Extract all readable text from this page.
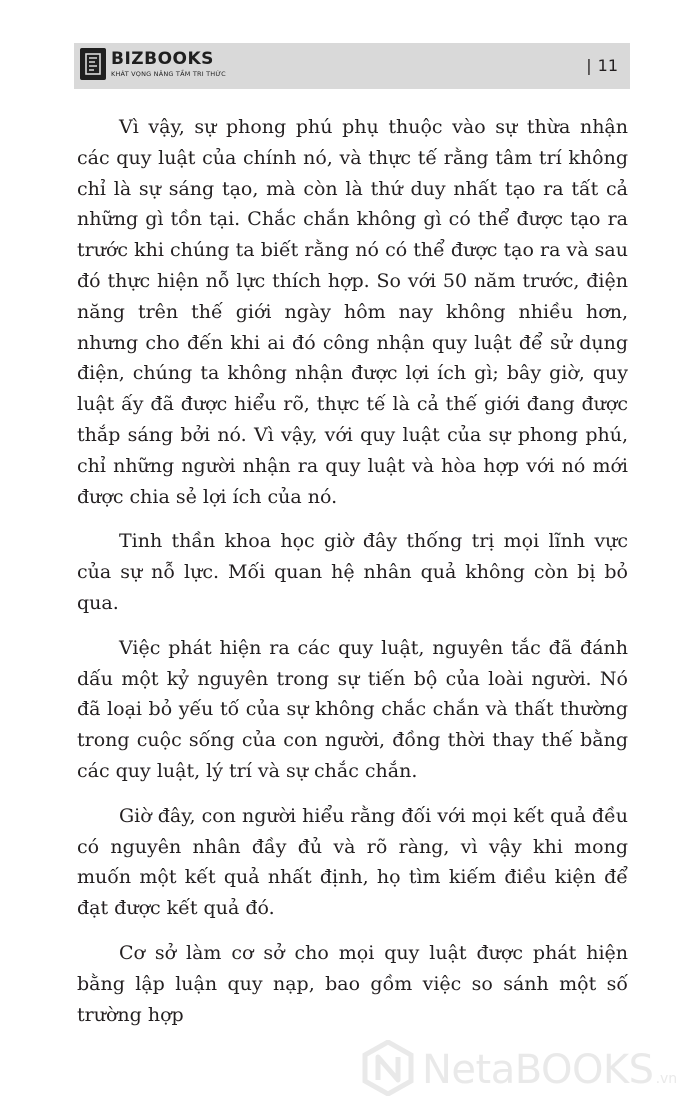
BIZBOOKS
KHÁT VỌNG NÂNG TẦM TRI THỨC	| 11

Vì vậy, sự phong phú phụ thuộc vào sự thừa nhận các quy luật của chính nó, và thực tế rằng tâm trí không chỉ là sự sáng tạo, mà còn là thứ duy nhất tạo ra tất cả những gì tồn tại. Chắc chắn không gì có thể được tạo ra trước khi chúng ta biết rằng nó có thể được tạo ra và sau đó thực hiện nỗ lực thích hợp. So với 50 năm trước, điện năng trên thế giới ngày hôm nay không nhiều hơn, nhưng cho đến khi ai đó công nhận quy luật để sử dụng điện, chúng ta không nhận được lợi ích gì; bây giờ, quy luật ấy đã được hiểu rõ, thực tế là cả thế giới đang được thắp sáng bởi nó. Vì vậy, với quy luật của sự phong phú, chỉ những người nhận ra quy luật và hòa hợp với nó mới được chia sẻ lợi ích của nó.

Tinh thần khoa học giờ đây thống trị mọi lĩnh vực của sự nỗ lực. Mối quan hệ nhân quả không còn bị bỏ qua.

Việc phát hiện ra các quy luật, nguyên tắc đã đánh dấu một kỷ nguyên trong sự tiến bộ của loài người. Nó đã loại bỏ yếu tố của sự không chắc chắn và thất thường trong cuộc sống của con người, đồng thời thay thế bằng các quy luật, lý trí và sự chắc chắn.

Giờ đây, con người hiểu rằng đối với mọi kết quả đều có nguyên nhân đầy đủ và rõ ràng, vì vậy khi mong muốn một kết quả nhất định, họ tìm kiếm điều kiện để đạt được kết quả đó.

Cơ sở làm cơ sở cho mọi quy luật được phát hiện bằng lập luận quy nạp, bao gồm việc so sánh một số trường hợp

NetaBOOKS .vn
